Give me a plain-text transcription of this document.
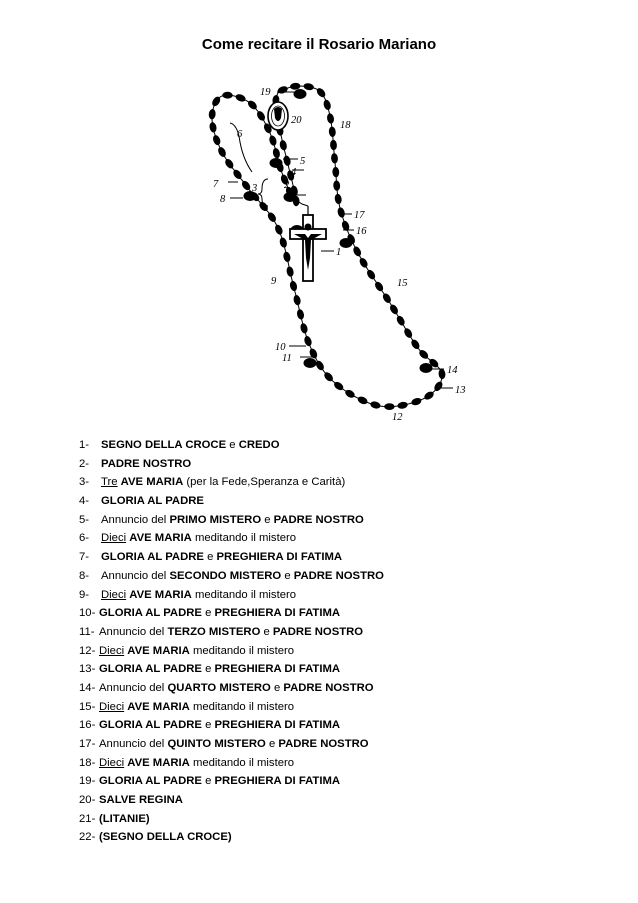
Come recitare il Rosario Mariano
1
2
3
4
5
6
7
8
9
10
11
12
13
14
15
16
17
18
19
20
1- SEGNO DELLA CROCE e CREDO
2- PADRE NOSTRO
3- Tre AVE MARIA (per la Fede,Speranza e Carità)
4- GLORIA AL PADRE
5- Annuncio del PRIMO MISTERO e PADRE NOSTRO
6- Dieci AVE MARIA meditando il mistero
7- GLORIA AL PADRE e PREGHIERA DI FATIMA
8- Annuncio del SECONDO MISTERO e PADRE NOSTRO
9- Dieci AVE MARIA meditando il mistero
10- GLORIA AL PADRE e PREGHIERA DI FATIMA
11- Annuncio del TERZO MISTERO e PADRE NOSTRO
12- Dieci AVE MARIA meditando il mistero
13- GLORIA AL PADRE e PREGHIERA DI FATIMA
14- Annuncio del QUARTO MISTERO e PADRE NOSTRO
15- Dieci AVE MARIA meditando il mistero
16- GLORIA AL PADRE e PREGHIERA DI FATIMA
17- Annuncio del QUINTO MISTERO e PADRE NOSTRO
18- Dieci AVE MARIA meditando il mistero
19- GLORIA AL PADRE e PREGHIERA DI FATIMA
20- SALVE REGINA
21- (LITANIE)
22- (SEGNO DELLA CROCE)
